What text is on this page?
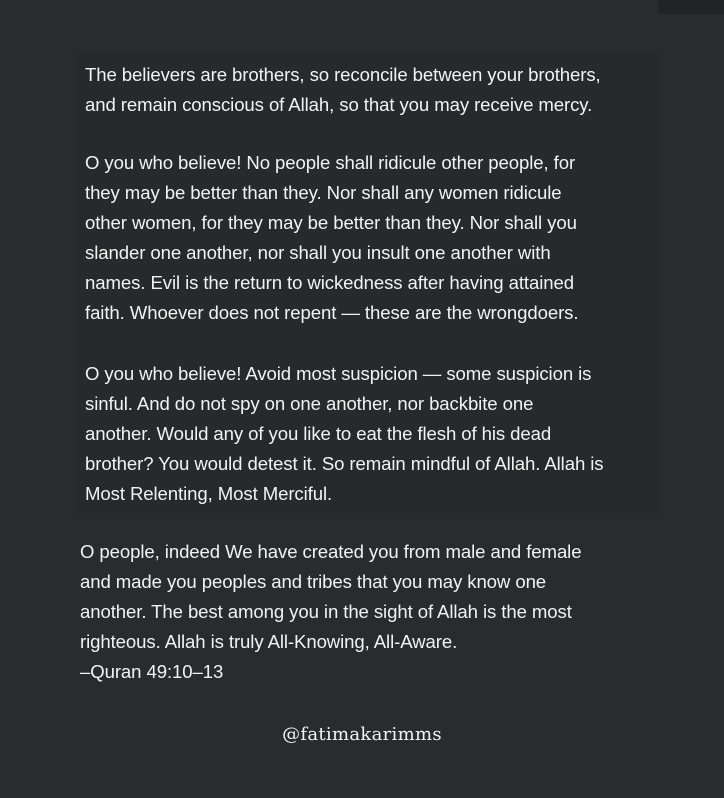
The believers are brothers, so reconcile between your brothers,
and remain conscious of Allah, so that you may receive mercy.

O you who believe! No people shall ridicule other people, for
they may be better than they. Nor shall any women ridicule
other women, for they may be better than they. Nor shall you
slander one another, nor shall you insult one another with
names. Evil is the return to wickedness after having attained
faith. Whoever does not repent — these are the wrongdoers.

O you who believe! Avoid most suspicion — some suspicion is
sinful. And do not spy on one another, nor backbite one
another. Would any of you like to eat the flesh of his dead
brother? You would detest it. So remain mindful of Allah. Allah is
Most Relenting, Most Merciful.

O people, indeed We have created you from male and female
and made you peoples and tribes that you may know one
another. The best among you in the sight of Allah is the most
righteous. Allah is truly All-Knowing, All-Aware.
–Quran 49:10–13

@fatimakarimms
